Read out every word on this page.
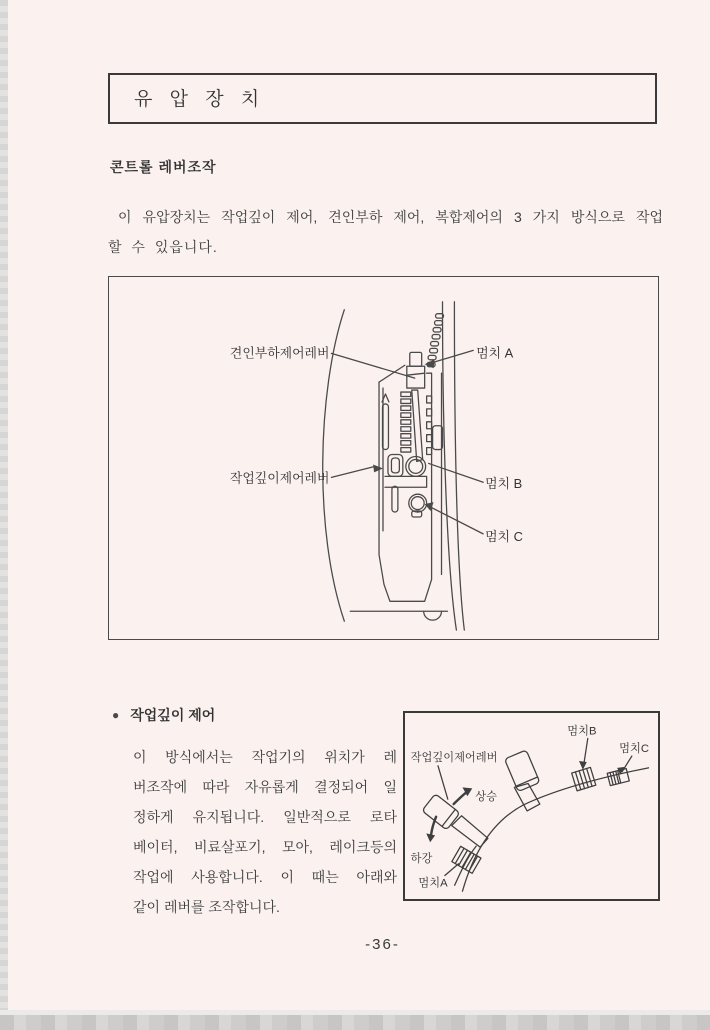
유 압 장 치
콘트롤 레버조작
이 유압장치는 작업깊이 제어, 견인부하 제어, 복합제어의 3 가지 방식으로 작업
할 수 있읍니다.
견인부하제어레버	멈치 A
작업깊이제어레버	멈치 B
멈치 C
● 작업깊이 제어
이 방식에서는 작업기의 위치가 레
버조작에 따라 자유롭게 결정되어 일
정하게 유지됩니다. 일반적으로 로타
베이터, 비료살포기, 모아, 레이크등의
작업에 사용합니다. 이 때는 아래와
같이 레버를 조작합니다.
작업깊이제어레버
멈치B
멈치C
상승
하강
멈치A
-36-
